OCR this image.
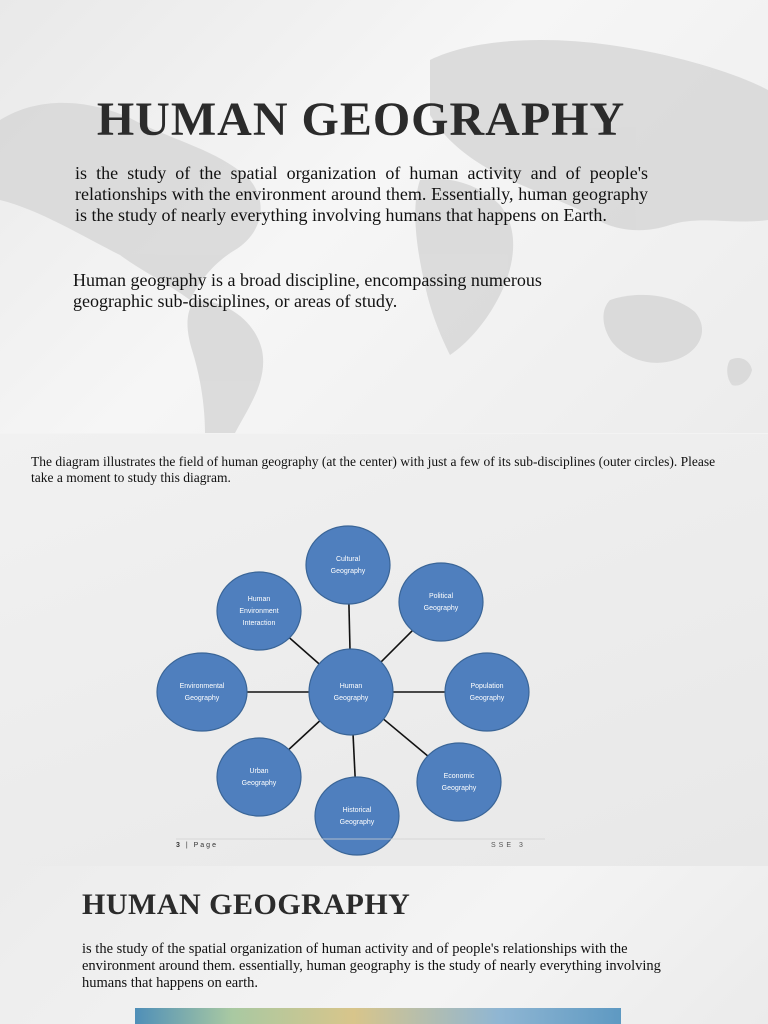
HUMAN GEOGRAPHY

is the study of the spatial organization of human activity and of people's relationships with the environment around them. Essentially, human geography is the study of nearly everything involving humans that happens on Earth.

Human geography is a broad discipline, encompassing numerous geographic sub-disciplines, or areas of study.

The diagram illustrates the field of human geography (at the center) with just a few of its sub-disciplines (outer circles). Please take a moment to study this diagram.

Cultural
Geography
Political
Geography
Population
Geography
Economic
Geography
Historical
Geography
Urban
Geography
Environmental
Geography
Human
Environment
Interaction
Human
Geography
3 | Page	SSE 3
HUMAN GEOGRAPHY

is the study of the spatial organization of human activity and of people's relationships with the environment around them. essentially, human geography is the study of nearly everything involving humans that happens on earth.
